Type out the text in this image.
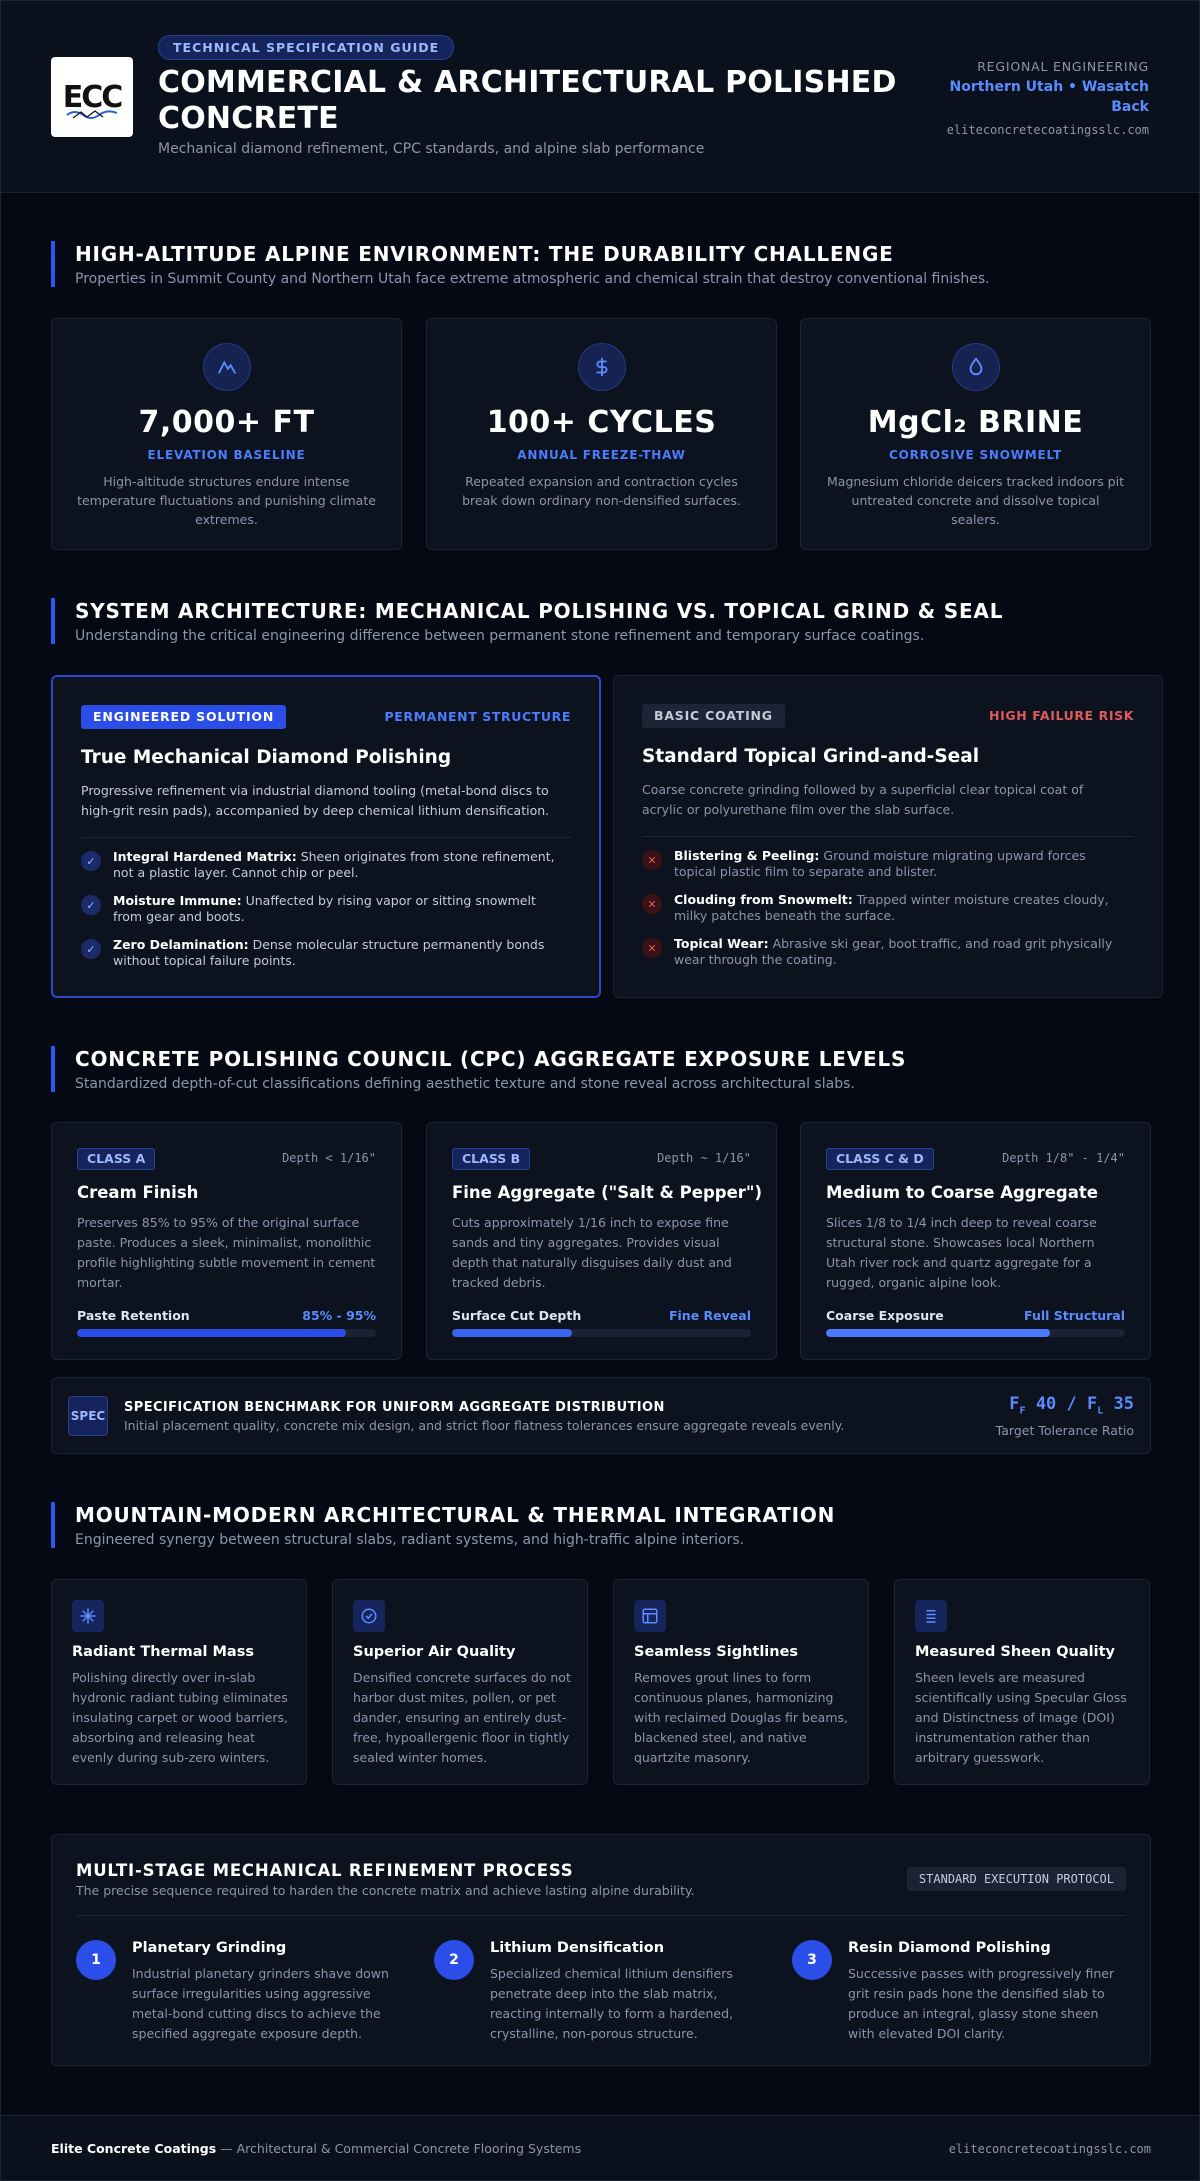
ECC
TECHNICAL SPECIFICATION GUIDE
COMMERCIAL & ARCHITECTURAL POLISHED CONCRETE
Mechanical diamond refinement, CPC standards, and alpine slab performance
REGIONAL ENGINEERING
Northern Utah • Wasatch Back
eliteconcretecoatingsslc.com
HIGH-ALTITUDE ALPINE ENVIRONMENT: THE DURABILITY CHALLENGE
Properties in Summit County and Northern Utah face extreme atmospheric and chemical strain that destroy conventional finishes.
7,000+ FT
ELEVATION BASELINE
High-altitude structures endure intense temperature fluctuations and punishing climate extremes.
100+ CYCLES
ANNUAL FREEZE-THAW
Repeated expansion and contraction cycles break down ordinary non-densified surfaces.
MgCl₂ BRINE
CORROSIVE SNOWMELT
Magnesium chloride deicers tracked indoors pit untreated concrete and dissolve topical sealers.
SYSTEM ARCHITECTURE: MECHANICAL POLISHING VS. TOPICAL GRIND & SEAL
Understanding the critical engineering difference between permanent stone refinement and temporary surface coatings.
ENGINEERED SOLUTION	PERMANENT STRUCTURE
True Mechanical Diamond Polishing
Progressive refinement via industrial diamond tooling (metal-bond discs to high-grit resin pads), accompanied by deep chemical lithium densification.
✓	Integral Hardened Matrix: Sheen originates from stone refinement, not a plastic layer. Cannot chip or peel.
✓	Moisture Immune: Unaffected by rising vapor or sitting snowmelt from gear and boots.
✓	Zero Delamination: Dense molecular structure permanently bonds without topical failure points.
BASIC COATING	HIGH FAILURE RISK
Standard Topical Grind-and-Seal
Coarse concrete grinding followed by a superficial clear topical coat of acrylic or polyurethane film over the slab surface.
✕	Blistering & Peeling: Ground moisture migrating upward forces topical plastic film to separate and blister.
✕	Clouding from Snowmelt: Trapped winter moisture creates cloudy, milky patches beneath the surface.
✕	Topical Wear: Abrasive ski gear, boot traffic, and road grit physically wear through the coating.
CONCRETE POLISHING COUNCIL (CPC) AGGREGATE EXPOSURE LEVELS
Standardized depth-of-cut classifications defining aesthetic texture and stone reveal across architectural slabs.
CLASS A	Depth < 1/16"
Cream Finish
Preserves 85% to 95% of the original surface paste. Produces a sleek, minimalist, monolithic profile highlighting subtle movement in cement mortar.
Paste Retention	85% - 95%
CLASS B	Depth ~ 1/16"
Fine Aggregate ("Salt & Pepper")
Cuts approximately 1/16 inch to expose fine sands and tiny aggregates. Provides visual depth that naturally disguises daily dust and tracked debris.
Surface Cut Depth	Fine Reveal
CLASS C & D	Depth 1/8" - 1/4"
Medium to Coarse Aggregate
Slices 1/8 to 1/4 inch deep to reveal coarse structural stone. Showcases local Northern Utah river rock and quartz aggregate for a rugged, organic alpine look.
Coarse Exposure	Full Structural
SPEC
SPECIFICATION BENCHMARK FOR UNIFORM AGGREGATE DISTRIBUTION
Initial placement quality, concrete mix design, and strict floor flatness tolerances ensure aggregate reveals evenly.
$F_F$ $40 / F_L$ 35
Target Tolerance Ratio
MOUNTAIN-MODERN ARCHITECTURAL & THERMAL INTEGRATION
Engineered synergy between structural slabs, radiant systems, and high-traffic alpine interiors.
Radiant Thermal Mass

Polishing directly over in-slab hydronic radiant tubing eliminates insulating carpet or wood barriers, absorbing and releasing heat evenly during sub-zero winters.

Superior Air Quality

Densified concrete surfaces do not harbor dust mites, pollen, or pet dander, ensuring an entirely dust-free, hypoallergenic floor in tightly sealed winter homes.

Seamless Sightlines

Removes grout lines to form continuous planes, harmonizing with reclaimed Douglas fir beams, blackened steel, and native quartzite masonry.

Measured Sheen Quality

Sheen levels are measured scientifically using Specular Gloss and Distinctness of Image (DOI) instrumentation rather than arbitrary guesswork.

MULTI-STAGE MECHANICAL REFINEMENT PROCESS
The precise sequence required to harden the concrete matrix and achieve lasting alpine durability.
STANDARD EXECUTION PROTOCOL
1
Planetary Grinding

Industrial planetary grinders shave down surface irregularities using aggressive metal-bond cutting discs to achieve the specified aggregate exposure depth.

2
Lithium Densification

Specialized chemical lithium densifiers penetrate deep into the slab matrix, reacting internally to form a hardened, crystalline, non-porous structure.

3
Resin Diamond Polishing

Successive passes with progressively finer grit resin pads hone the densified slab to produce an integral, glassy stone sheen with elevated DOI clarity.

Elite Concrete Coatings — Architectural & Commercial Concrete Flooring Systems	eliteconcretecoatingsslc.com
